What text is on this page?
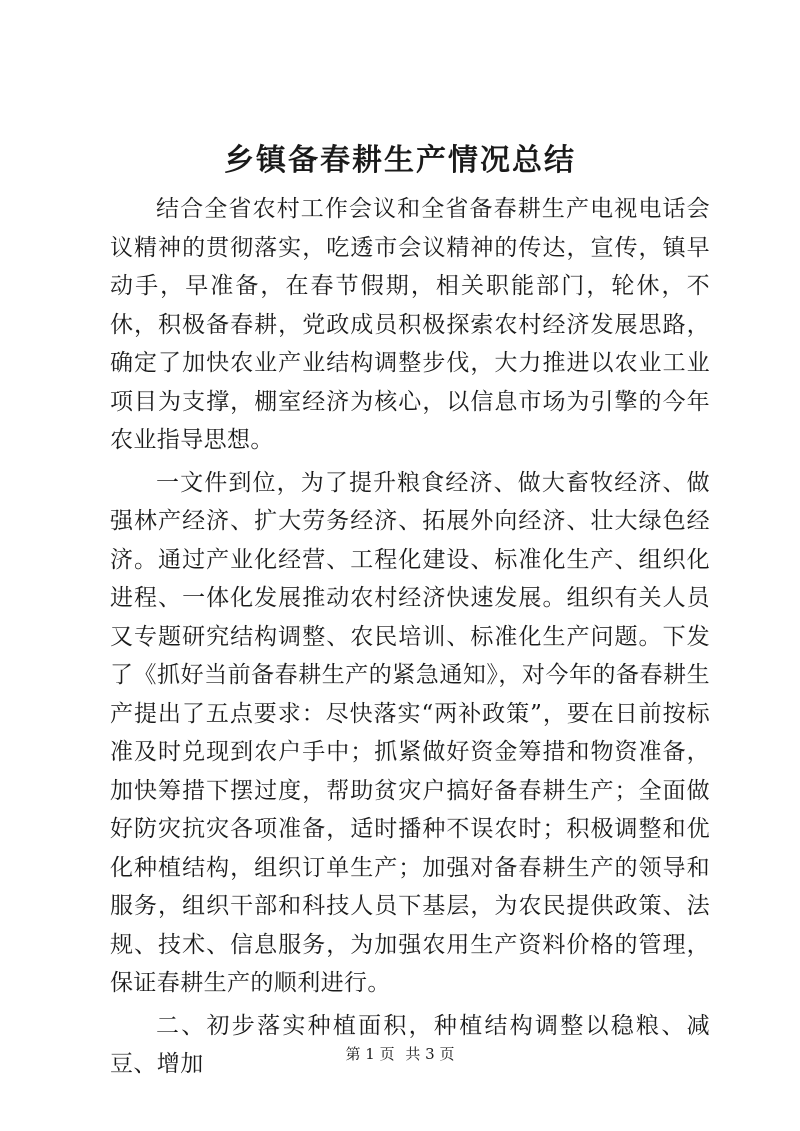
乡镇备春耕生产情况总结

结合全省农村工作会议和全省备春耕生产电视电话会议精神的贯彻落实，吃透市会议精神的传达，宣传，镇早动手，早准备，在春节假期，相关职能部门，轮休，不休，积极备春耕，党政成员积极探索农村经济发展思路，确定了加快农业产业结构调整步伐，大力推进以农业工业项目为支撑，棚室经济为核心，以信息市场为引擎的今年农业指导思想。

一文件到位，为了提升粮食经济、做大畜牧经济、做强林产经济、扩大劳务经济、拓展外向经济、壮大绿色经济。通过产业化经营、工程化建设、标准化生产、组织化进程、一体化发展推动农村经济快速发展。组织有关人员又专题研究结构调整、农民培训、标准化生产问题。下发了《抓好当前备春耕生产的紧急通知》，对今年的备春耕生产提出了五点要求：尽快落实“两补政策”，要在日前按标准及时兑现到农户手中；抓紧做好资金筹措和物资准备，加快筹措下摆过度，帮助贫灾户搞好备春耕生产；全面做好防灾抗灾各项准备，适时播种不误农时；积极调整和优化种植结构，组织订单生产；加强对备春耕生产的领导和服务，组织干部和科技人员下基层，为农民提供政策、法规、技术、信息服务，为加强农用生产资料价格的管理，保证春耕生产的顺利进行。

二、初步落实种植面积，种植结构调整以稳粮、减豆、增加	第 1 页 共 3 页
